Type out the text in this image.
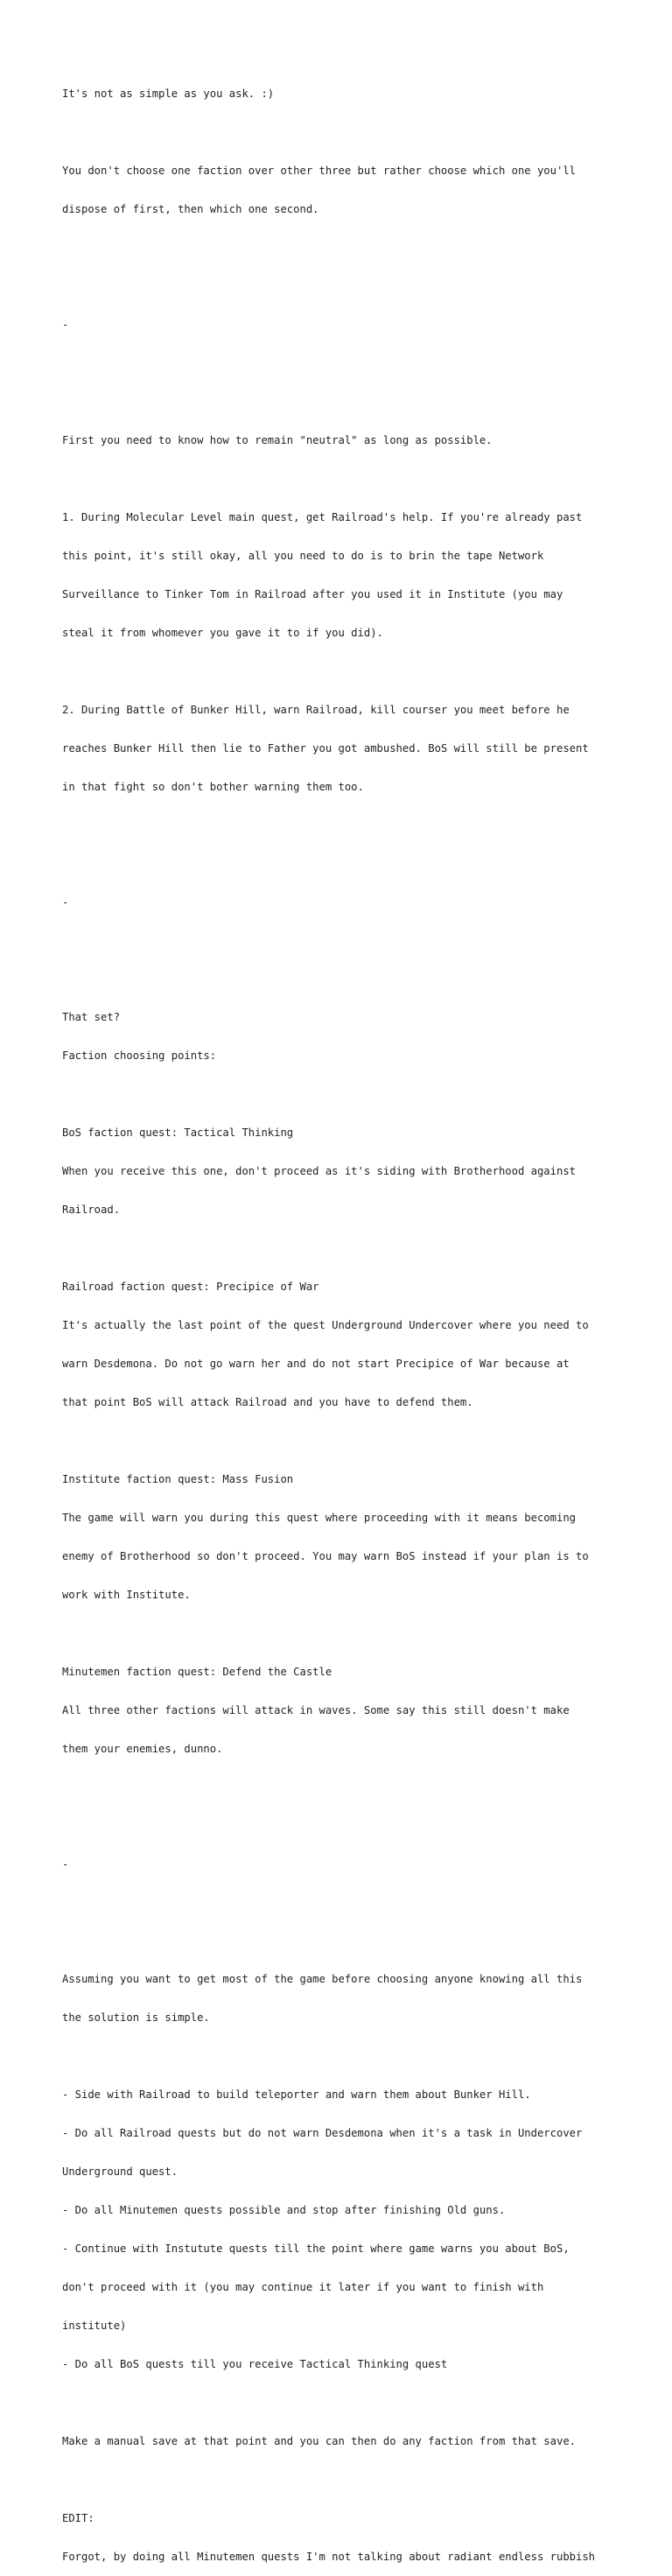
It's not as simple as you ask. :)

You don't choose one faction over other three but rather choose which one you'll

dispose of first, then which one second.

-

First you need to know how to remain "neutral" as long as possible.

1. During Molecular Level main quest, get Railroad's help. If you're already past

this point, it's still okay, all you need to do is to brin the tape Network

Surveillance to Tinker Tom in Railroad after you used it in Institute (you may

steal it from whomever you gave it to if you did).

2. During Battle of Bunker Hill, warn Railroad, kill courser you meet before he

reaches Bunker Hill then lie to Father you got ambushed. BoS will still be present

in that fight so don't bother warning them too.

-

That set?

Faction choosing points:

BoS faction quest: Tactical Thinking

When you receive this one, don't proceed as it's siding with Brotherhood against

Railroad.

Railroad faction quest: Precipice of War

It's actually the last point of the quest Underground Undercover where you need to

warn Desdemona. Do not go warn her and do not start Precipice of War because at

that point BoS will attack Railroad and you have to defend them.

Institute faction quest: Mass Fusion

The game will warn you during this quest where proceeding with it means becoming

enemy of Brotherhood so don't proceed. You may warn BoS instead if your plan is to

work with Institute.

Minutemen faction quest: Defend the Castle

All three other factions will attack in waves. Some say this still doesn't make

them your enemies, dunno.

-

Assuming you want to get most of the game before choosing anyone knowing all this

the solution is simple.

- Side with Railroad to build teleporter and warn them about Bunker Hill.

- Do all Railroad quests but do not warn Desdemona when it's a task in Undercover

Underground quest.

- Do all Minutemen quests possible and stop after finishing Old guns.

- Continue with Instutute quests till the point where game warns you about BoS,

don't proceed with it (you may continue it later if you want to finish with

institute)

- Do all BoS quests till you receive Tactical Thinking quest

Make a manual save at that point and you can then do any faction from that save.

EDIT:

Forgot, by doing all Minutemen quests I'm not talking about radiant endless rubbish
